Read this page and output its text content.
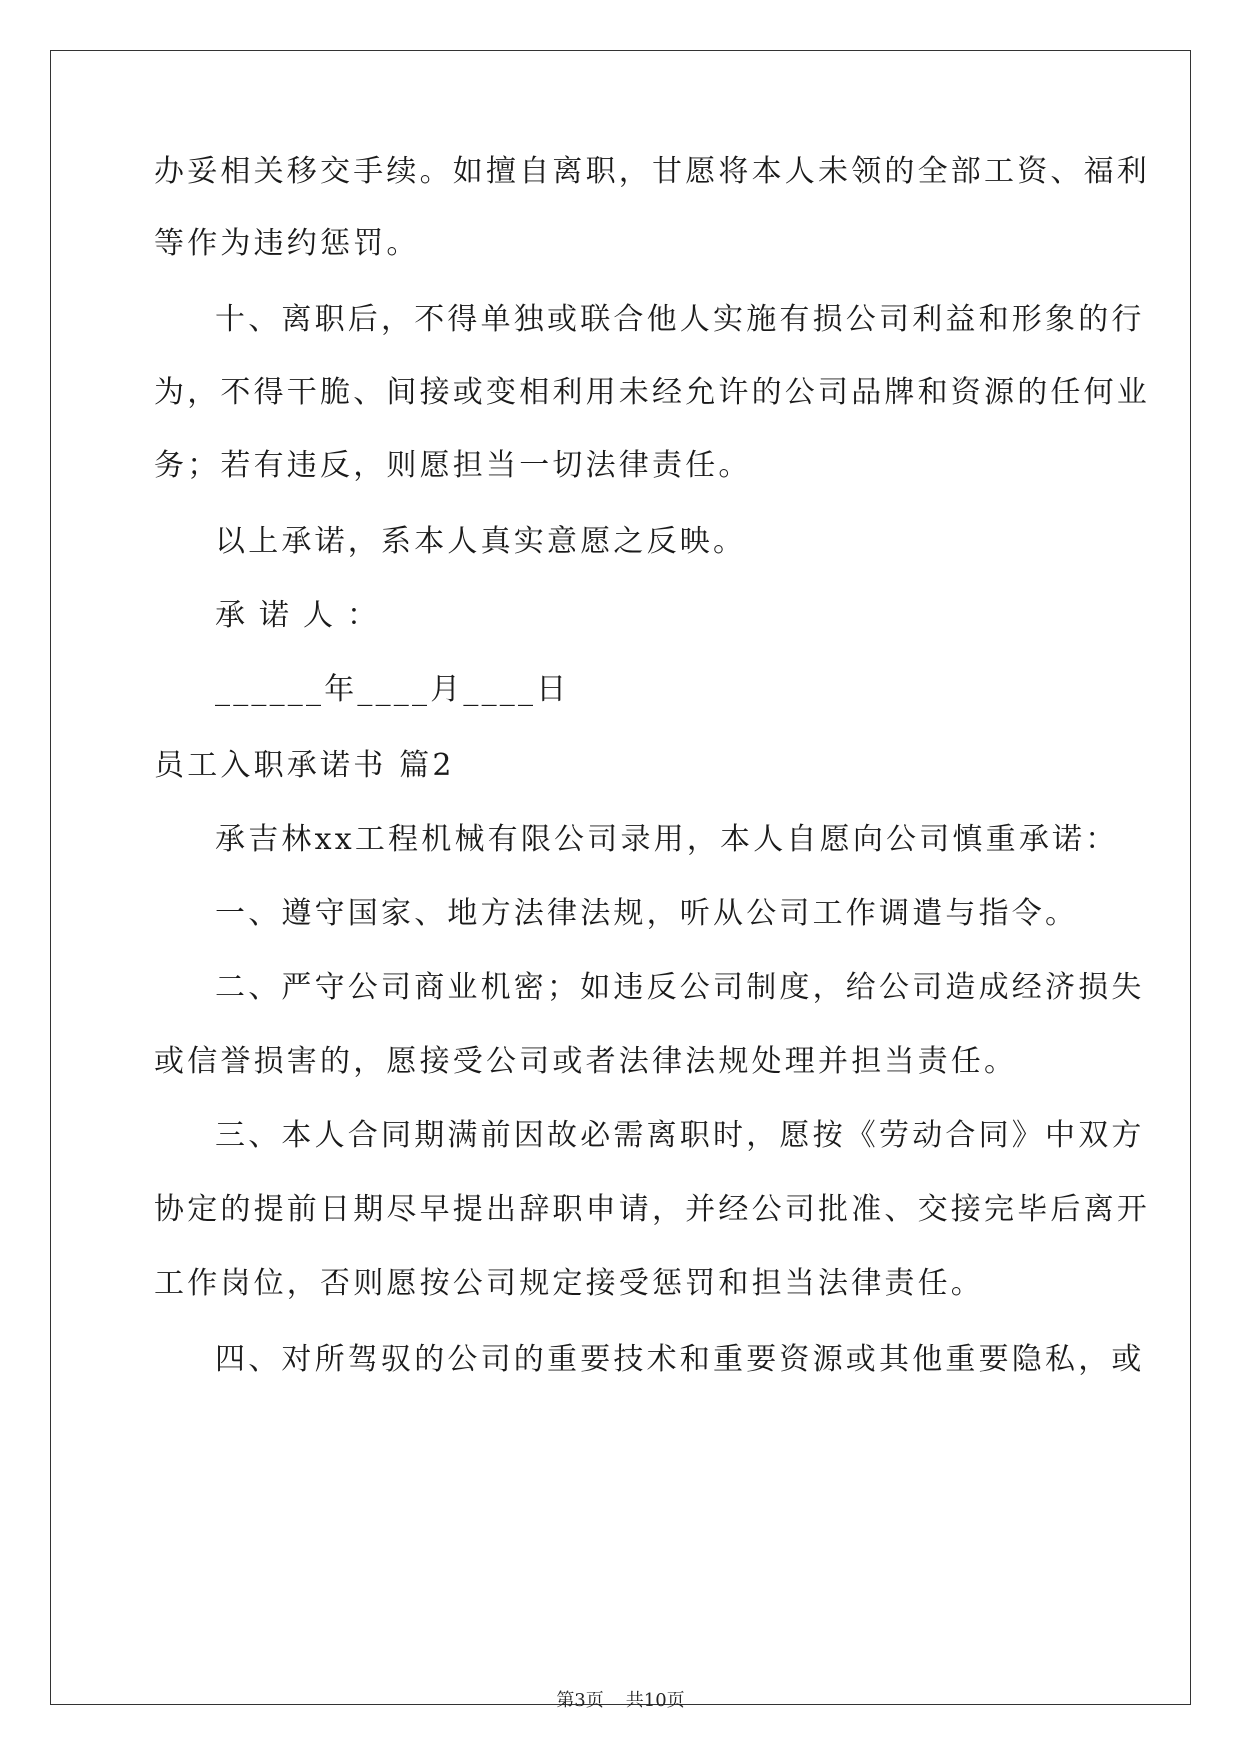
办妥相关移交手续。如擅自离职，甘愿将本人未领的全部工资、福利
等作为违约惩罚。
十、离职后，不得单独或联合他人实施有损公司利益和形象的行
为，不得干脆、间接或变相利用未经允许的公司品牌和资源的任何业
务；若有违反，则愿担当一切法律责任。
以上承诺，系本人真实意愿之反映。
承诺人：
______年____月____日
员工入职承诺书 篇2
承吉林xx工程机械有限公司录用，本人自愿向公司慎重承诺：
一、遵守国家、地方法律法规，听从公司工作调遣与指令。
二、严守公司商业机密；如违反公司制度，给公司造成经济损失
或信誉损害的，愿接受公司或者法律法规处理并担当责任。
三、本人合同期满前因故必需离职时，愿按《劳动合同》中双方
协定的提前日期尽早提出辞职申请，并经公司批准、交接完毕后离开
工作岗位，否则愿按公司规定接受惩罚和担当法律责任。
四、对所驾驭的公司的重要技术和重要资源或其他重要隐私，或
第3页 共10页
